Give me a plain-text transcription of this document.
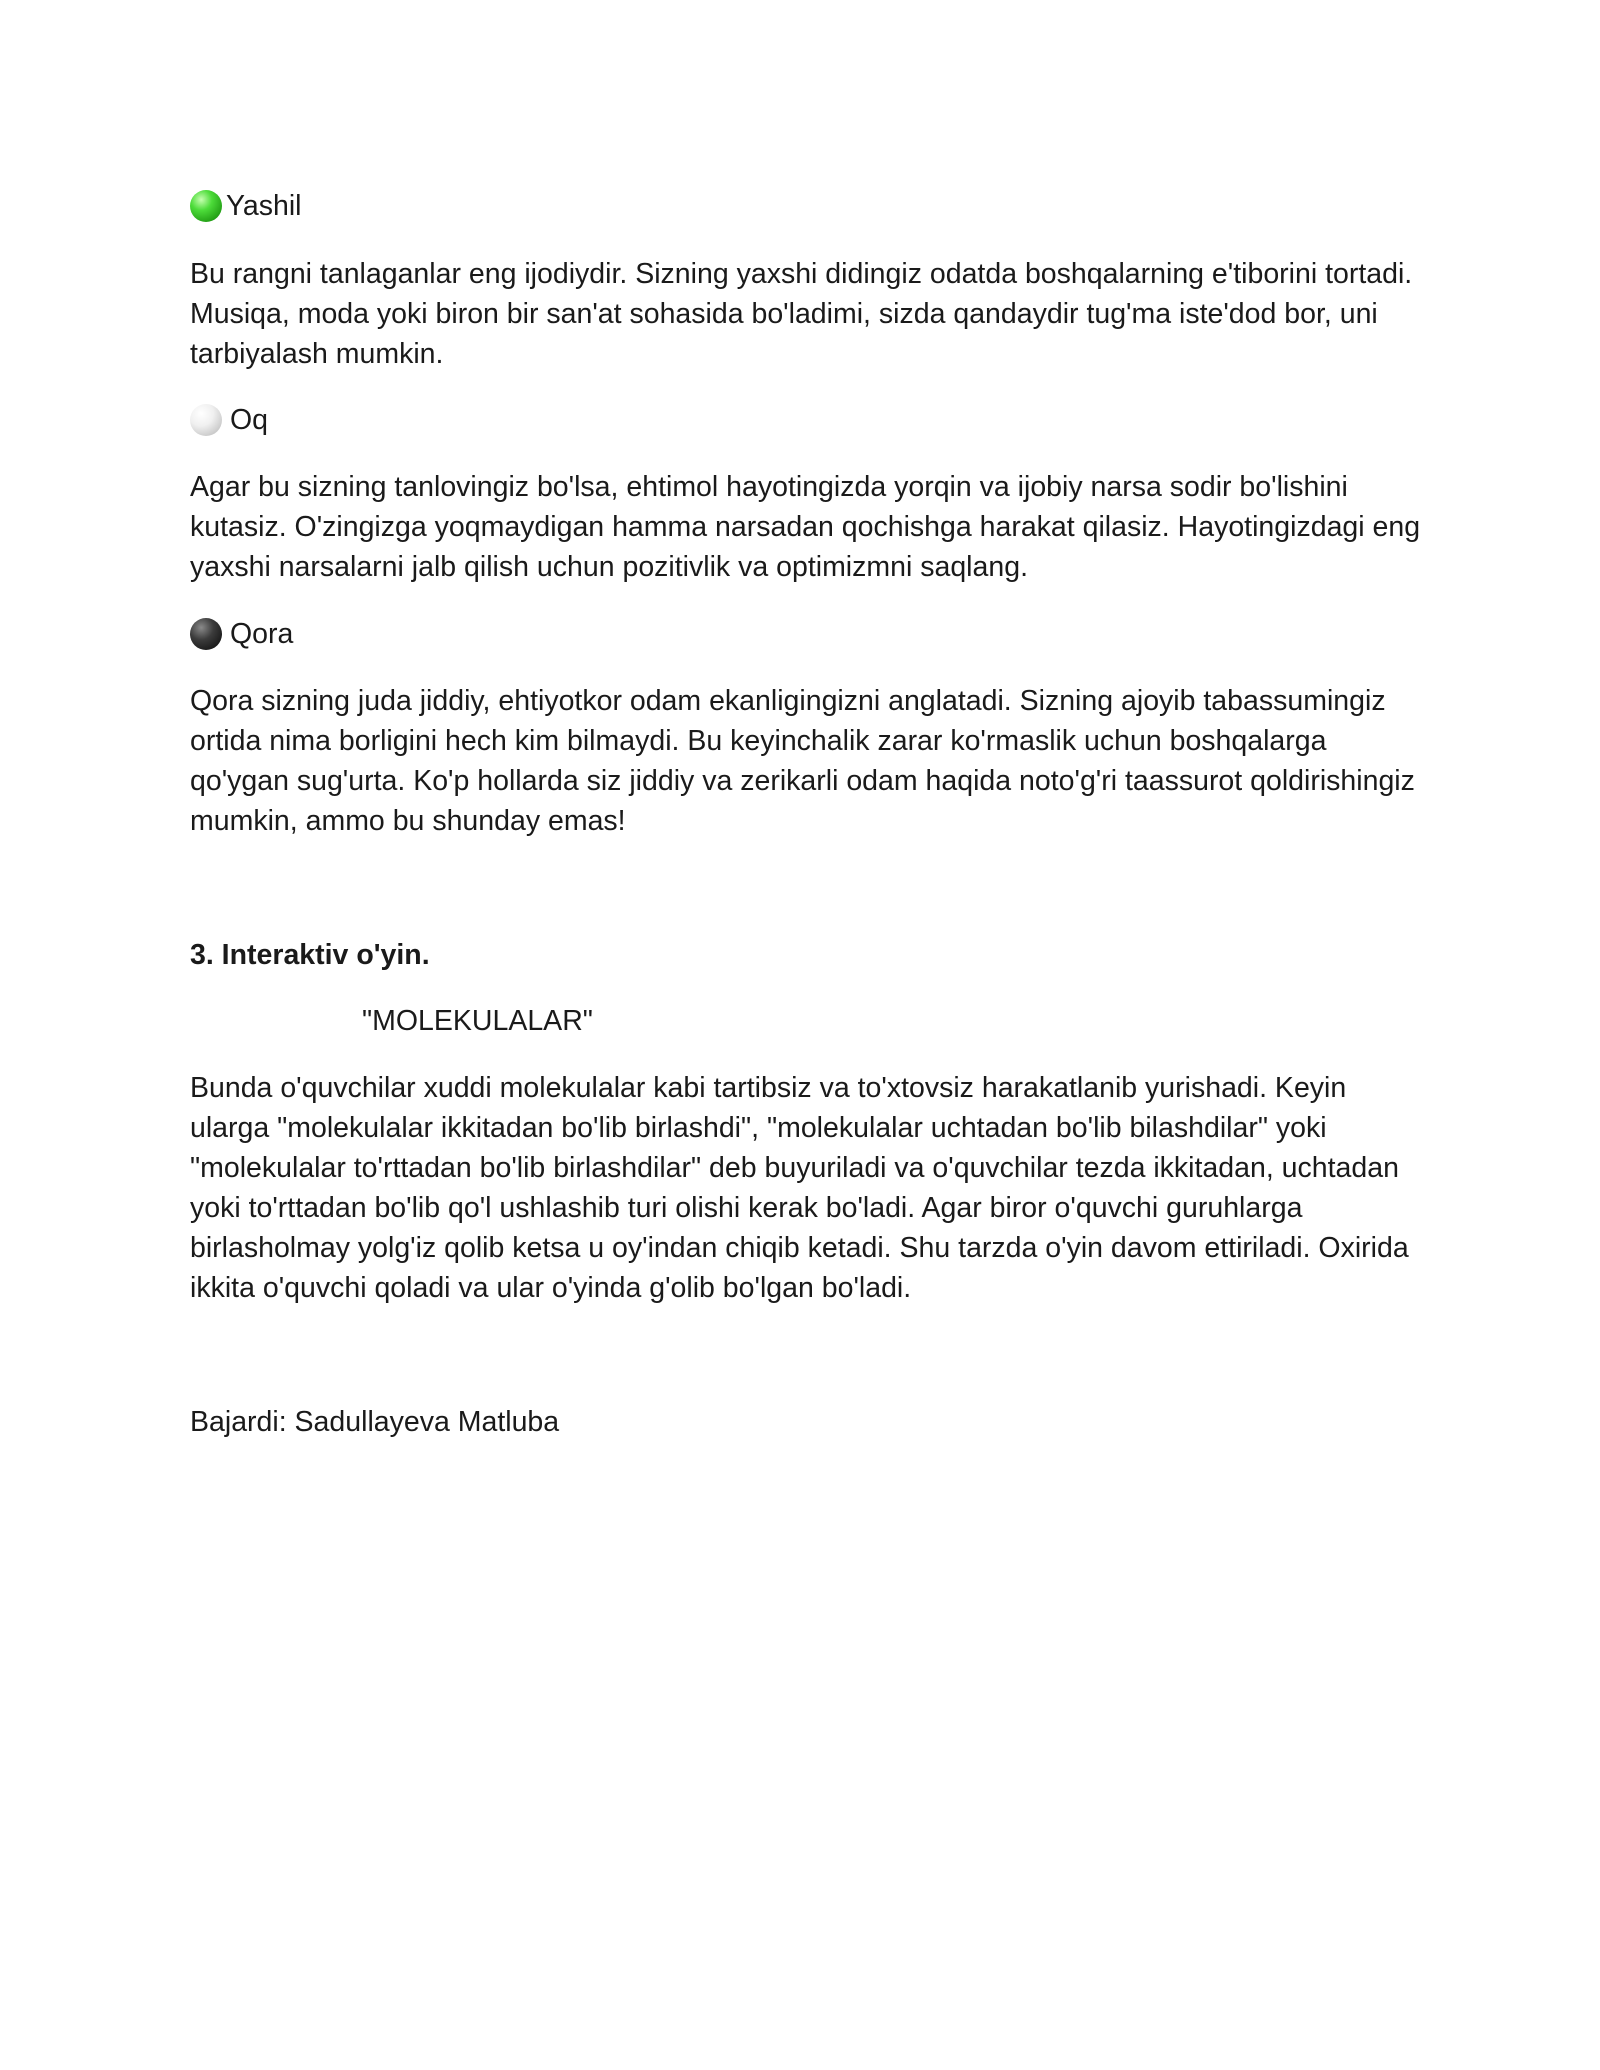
Yashil

Bu rangni tanlaganlar eng ijodiydir. Sizning yaxshi didingiz odatda boshqalarning e'tiborini tortadi. Musiqa, moda yoki biron bir san'at sohasida bo'ladimi, sizda qandaydir tug'ma iste'dod bor, uni tarbiyalash mumkin.

Oq

Agar bu sizning tanlovingiz bo'lsa, ehtimol hayotingizda yorqin va ijobiy narsa sodir bo'lishini kutasiz. O'zingizga yoqmaydigan hamma narsadan qochishga harakat qilasiz. Hayotingizdagi eng yaxshi narsalarni jalb qilish uchun pozitivlik va optimizmni saqlang.

Qora

Qora sizning juda jiddiy, ehtiyotkor odam ekanligingizni anglatadi. Sizning ajoyib tabassumingiz ortida nima borligini hech kim bilmaydi. Bu keyinchalik zarar ko'rmaslik uchun boshqalarga qo'ygan sug'urta. Ko'p hollarda siz jiddiy va zerikarli odam haqida noto'g'ri taassurot qoldirishingiz mumkin, ammo bu shunday emas!

3. Interaktiv o'yin.
"MOLEKULALAR"

Bunda o'quvchilar xuddi molekulalar kabi tartibsiz va to'xtovsiz harakatlanib yurishadi. Keyin ularga "molekulalar ikkitadan bo'lib birlashdi", "molekulalar uchtadan bo'lib bilashdilar" yoki "molekulalar to'rttadan bo'lib birlashdilar" deb buyuriladi va o'quvchilar tezda ikkitadan, uchtadan yoki to'rttadan bo'lib qo'l ushlashib turi olishi kerak bo'ladi. Agar biror o'quvchi guruhlarga birlasholmay yolg'iz qolib ketsa u oy'indan chiqib ketadi. Shu tarzda o'yin davom ettiriladi. Oxirida ikkita o'quvchi qoladi va ular o'yinda g'olib bo'lgan bo'ladi.

Bajardi: Sadullayeva Matluba
